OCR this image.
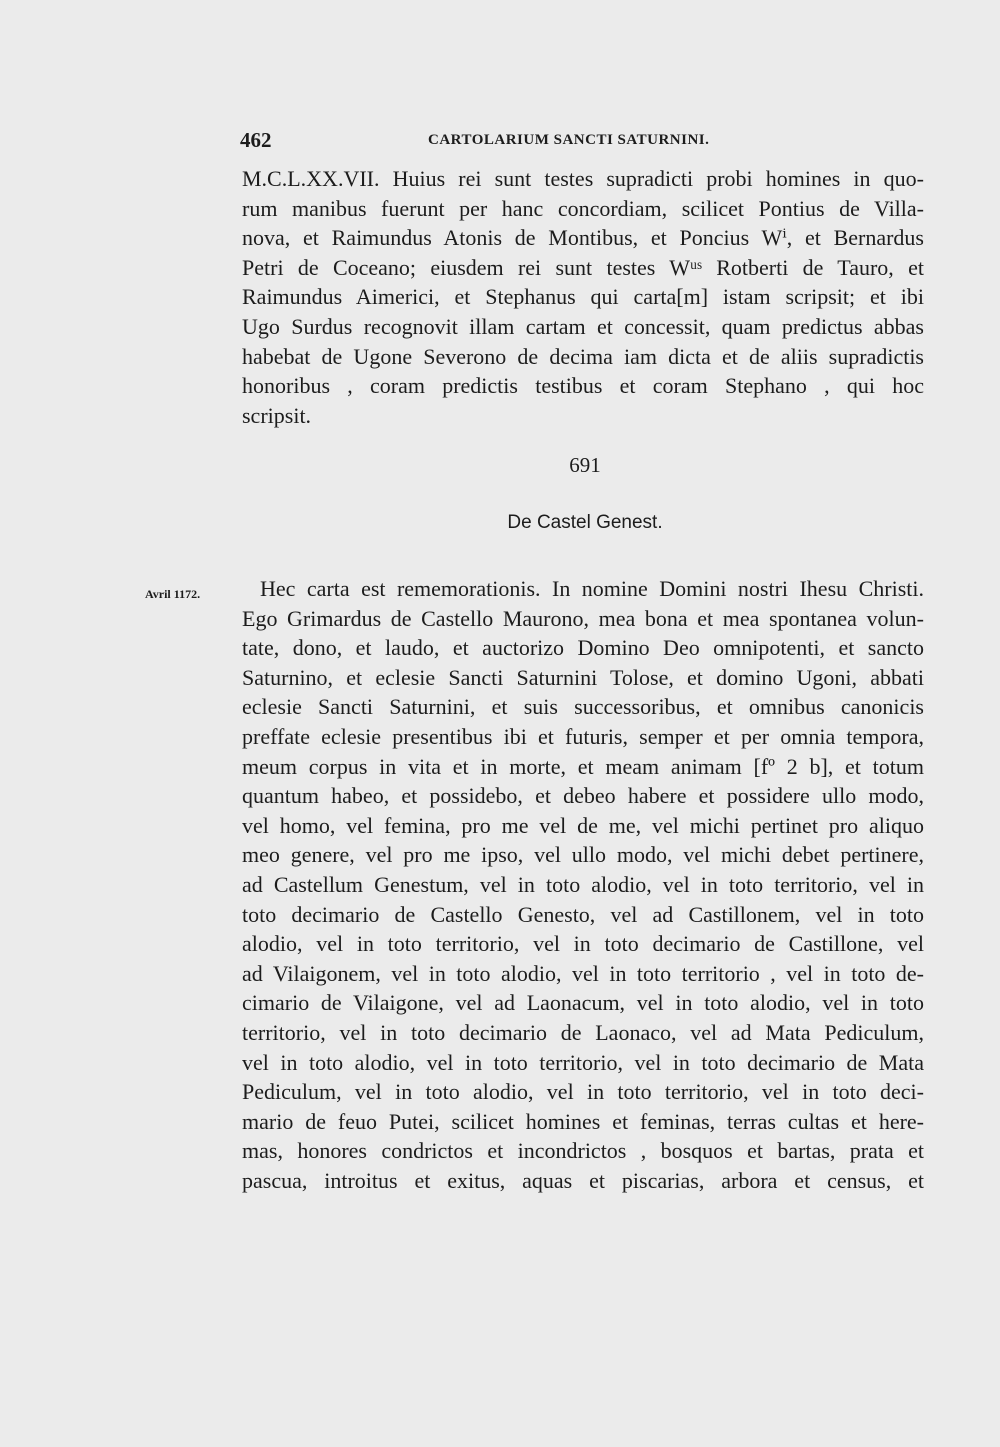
462	CARTOLARIUM SANCTI SATURNINI.
M.C.L.XX.VII. Huius rei sunt testes supradicti probi homines in quo-
rum manibus fuerunt per hanc concordiam, scilicet Pontius de Villa-
nova, et Raimundus Atonis de Montibus, et Poncius Wⁱ, et Bernardus
Petri de Coceano; eiusdem rei sunt testes Wᵘˢ Rotberti de Tauro, et
Raimundus Aimerici, et Stephanus qui carta[m] istam scripsit; et ibi
Ugo Surdus recognovit illam cartam et concessit, quam predictus abbas
habebat de Ugone Severono de decima iam dicta et de aliis supradictis
honoribus , coram predictis testibus et coram Stephano , qui hoc
scripsit.
691
De Castel Genest.
Avril 1172.	Hec carta est rememorationis. In nomine Domini nostri Ihesu Christi.
Ego Grimardus de Castello Maurono, mea bona et mea spontanea volun-
tate, dono, et laudo, et auctorizo Domino Deo omnipotenti, et sancto
Saturnino, et eclesie Sancti Saturnini Tolose, et domino Ugoni, abbati
eclesie Sancti Saturnini, et suis successoribus, et omnibus canonicis
preffate eclesie presentibus ibi et futuris, semper et per omnia tempora,
meum corpus in vita et in morte, et meam animam [fº 2 b], et totum
quantum habeo, et possidebo, et debeo habere et possidere ullo modo,
vel homo, vel femina, pro me vel de me, vel michi pertinet pro aliquo
meo genere, vel pro me ipso, vel ullo modo, vel michi debet pertinere,
ad Castellum Genestum, vel in toto alodio, vel in toto territorio, vel in
toto decimario de Castello Genesto, vel ad Castillonem, vel in toto
alodio, vel in toto territorio, vel in toto decimario de Castillone, vel
ad Vilaigonem, vel in toto alodio, vel in toto territorio , vel in toto de-
cimario de Vilaigone, vel ad Laonacum, vel in toto alodio, vel in toto
territorio, vel in toto decimario de Laonaco, vel ad Mata Pediculum,
vel in toto alodio, vel in toto territorio, vel in toto decimario de Mata
Pediculum, vel in toto alodio, vel in toto territorio, vel in toto deci-
mario de feuo Putei, scilicet homines et feminas, terras cultas et here-
mas, honores condrictos et incondrictos , bosquos et bartas, prata et
pascua, introitus et exitus, aquas et piscarias, arbora et census, et
